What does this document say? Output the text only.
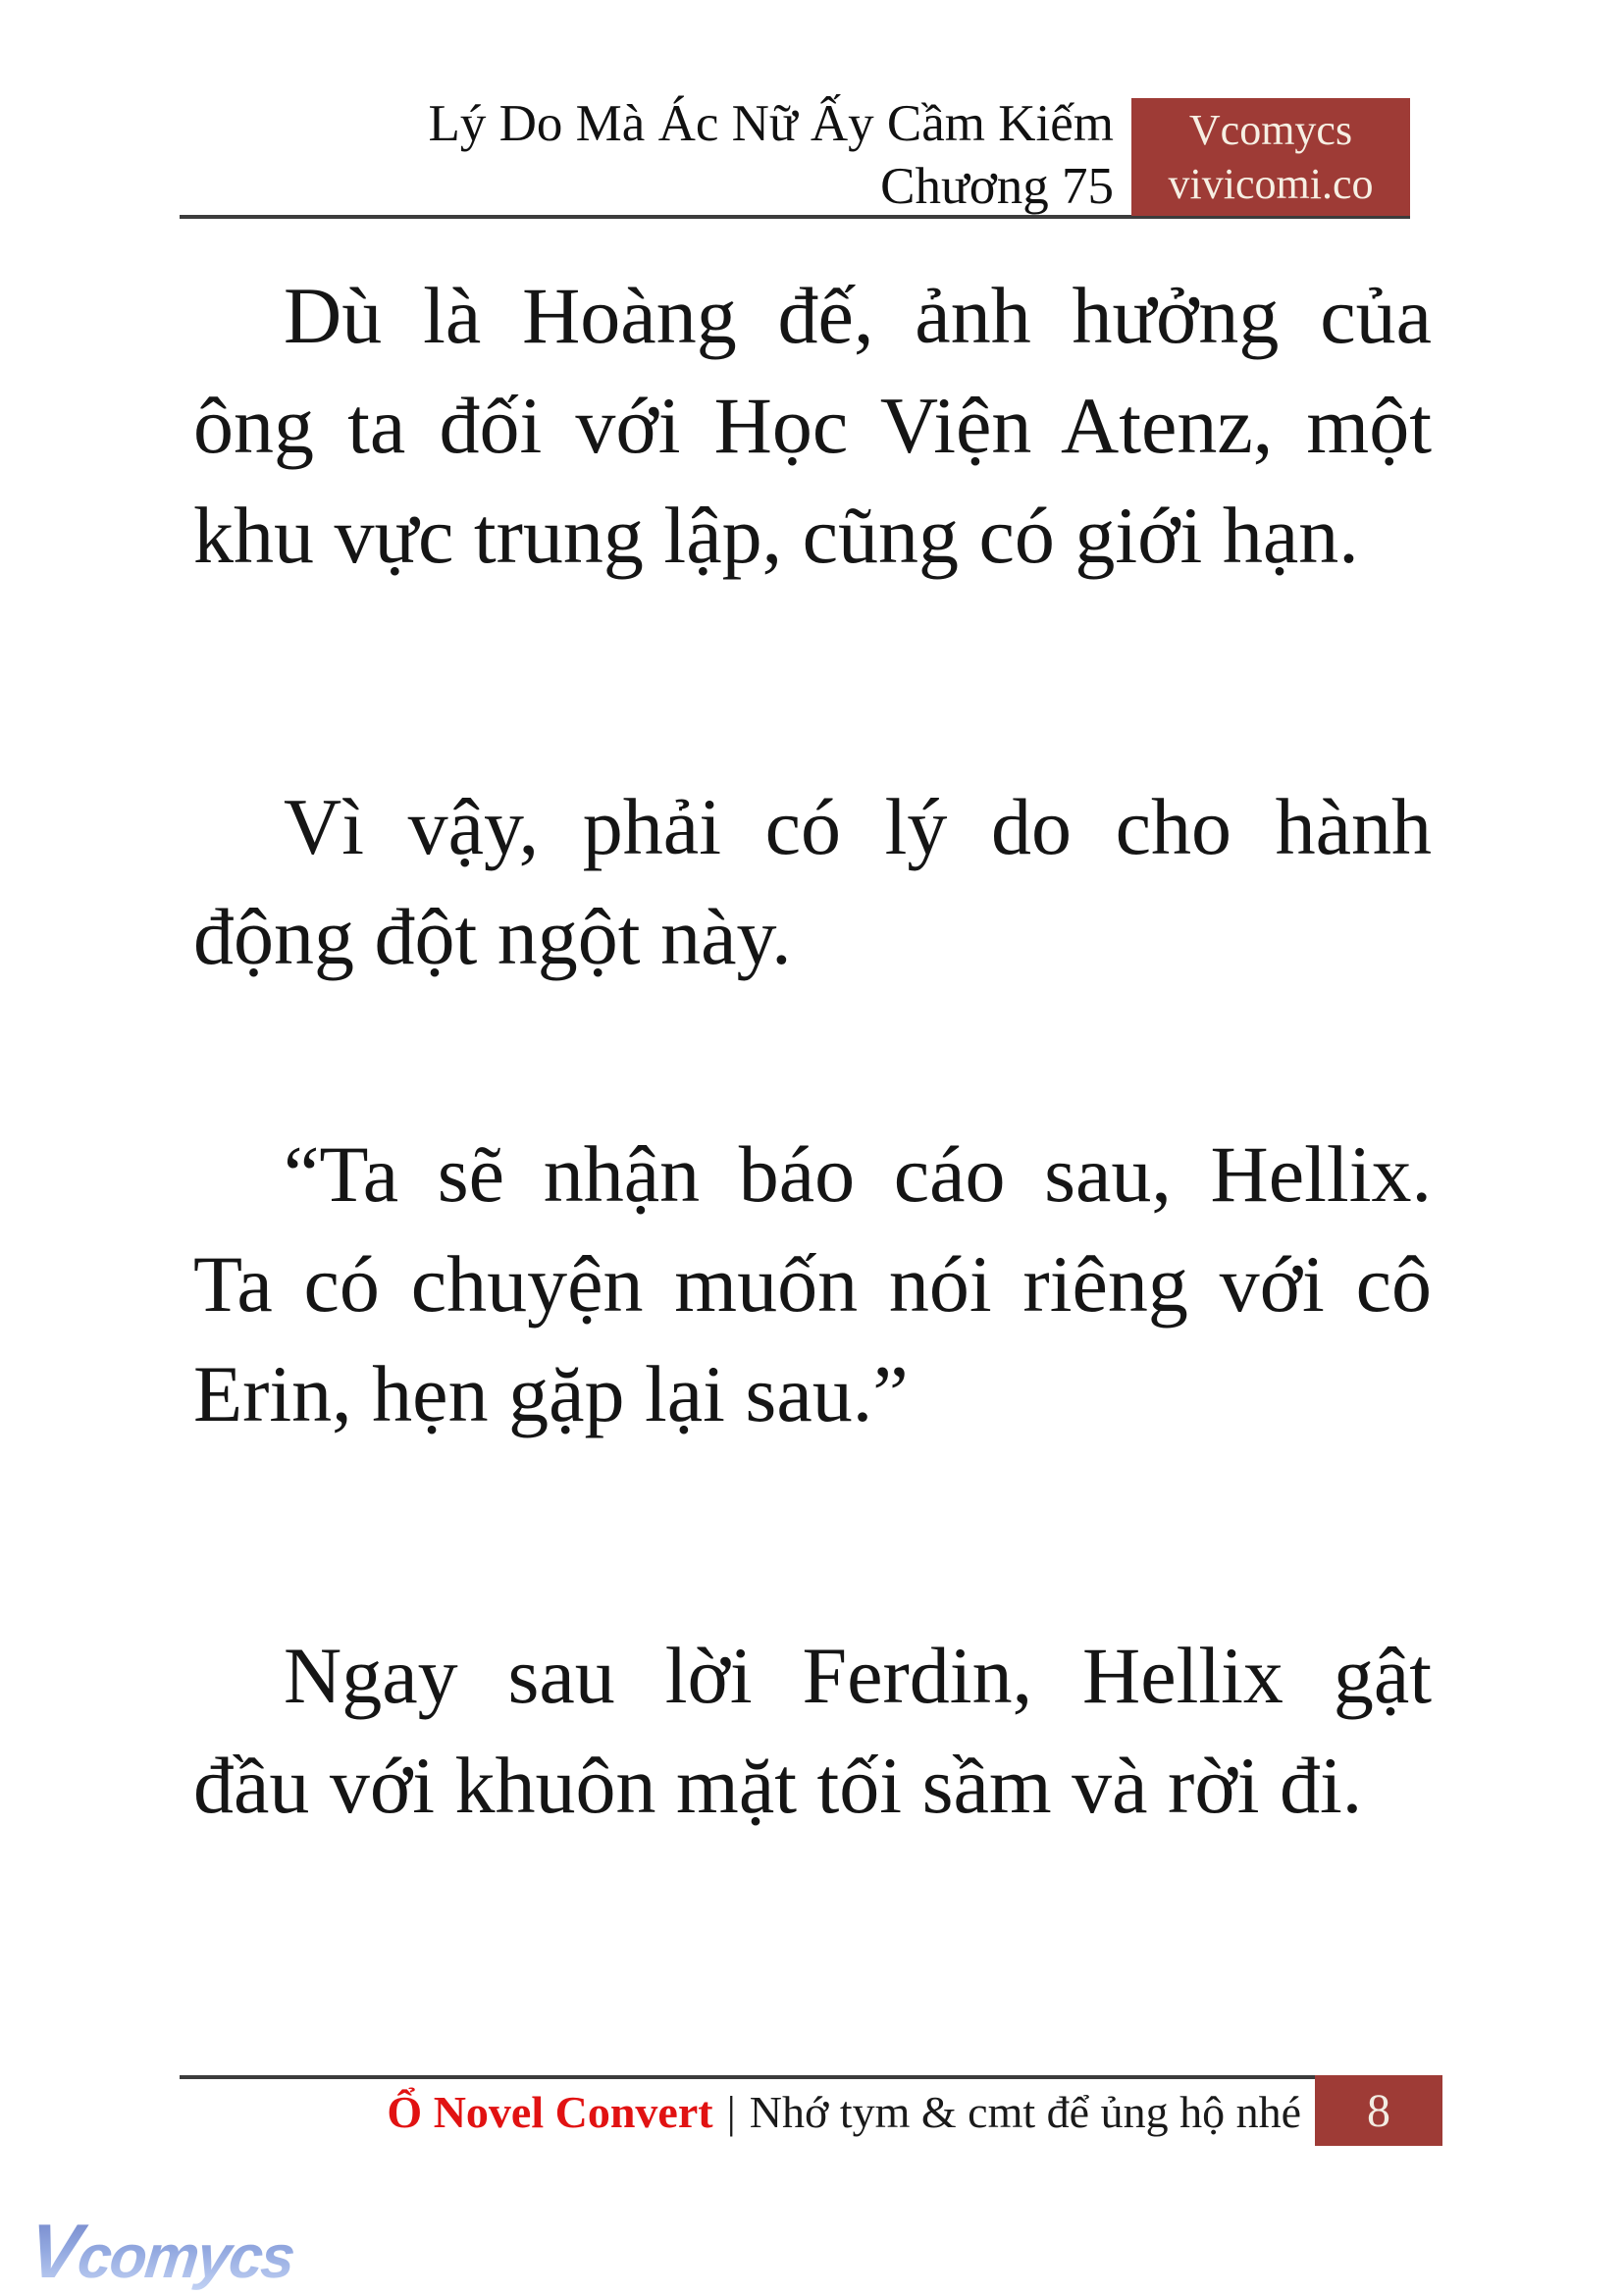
Lý Do Mà Ác Nữ Ấy Cầm Kiếm
Chương 75
Vcomycs
vivicomi.co
Dù là Hoàng đế, ảnh hưởng của
ông ta đối với Học Viện Atenz, một
khu vực trung lập, cũng có giới hạn.
Vì vậy, phải có lý do cho hành
động đột ngột này.
“Ta sẽ nhận báo cáo sau, Hellix.
Ta có chuyện muốn nói riêng với cô
Erin, hẹn gặp lại sau.”
Ngay sau lời Ferdin, Hellix gật
đầu với khuôn mặt tối sầm và rời đi.
Ổ Novel Convert | Nhớ tym & cmt để ủng hộ nhé 8
Vcomycs
